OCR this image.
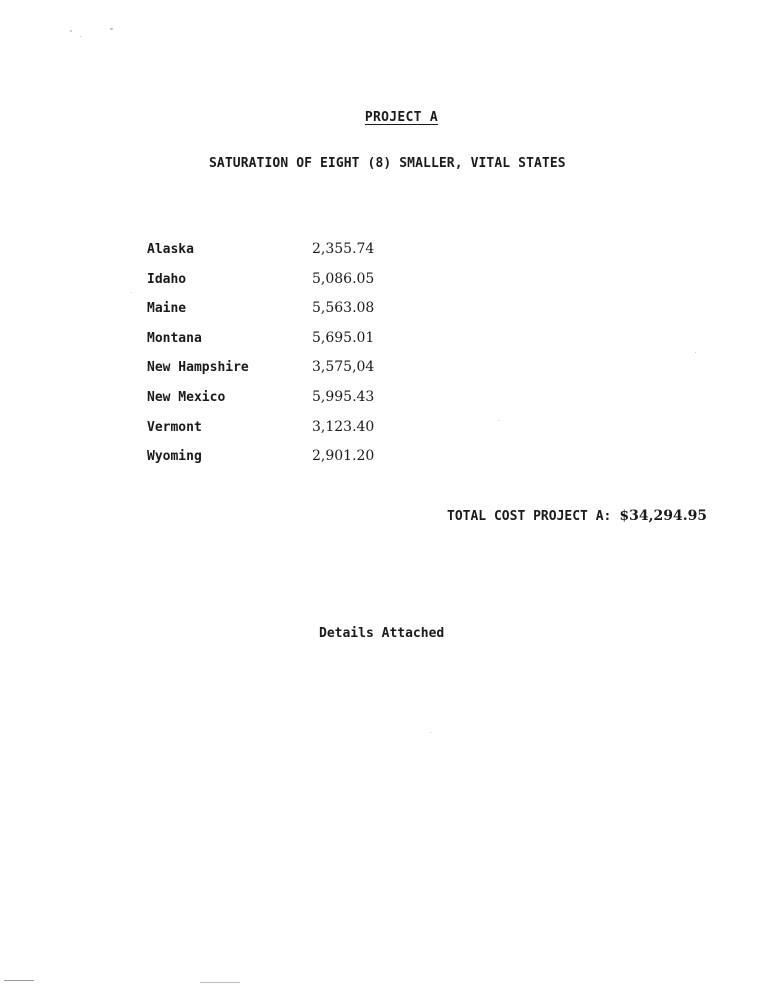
PROJECT A
SATURATION OF EIGHT (8) SMALLER, VITAL STATES
Alaska	2,355.74
Idaho	5,086.05
Maine	5,563.08
Montana	5,695.01
New Hampshire	3,575,04
New Mexico	5,995.43
Vermont	3,123.40
Wyoming	2,901.20
TOTAL COST PROJECT A: $34,294.95
Details Attached
